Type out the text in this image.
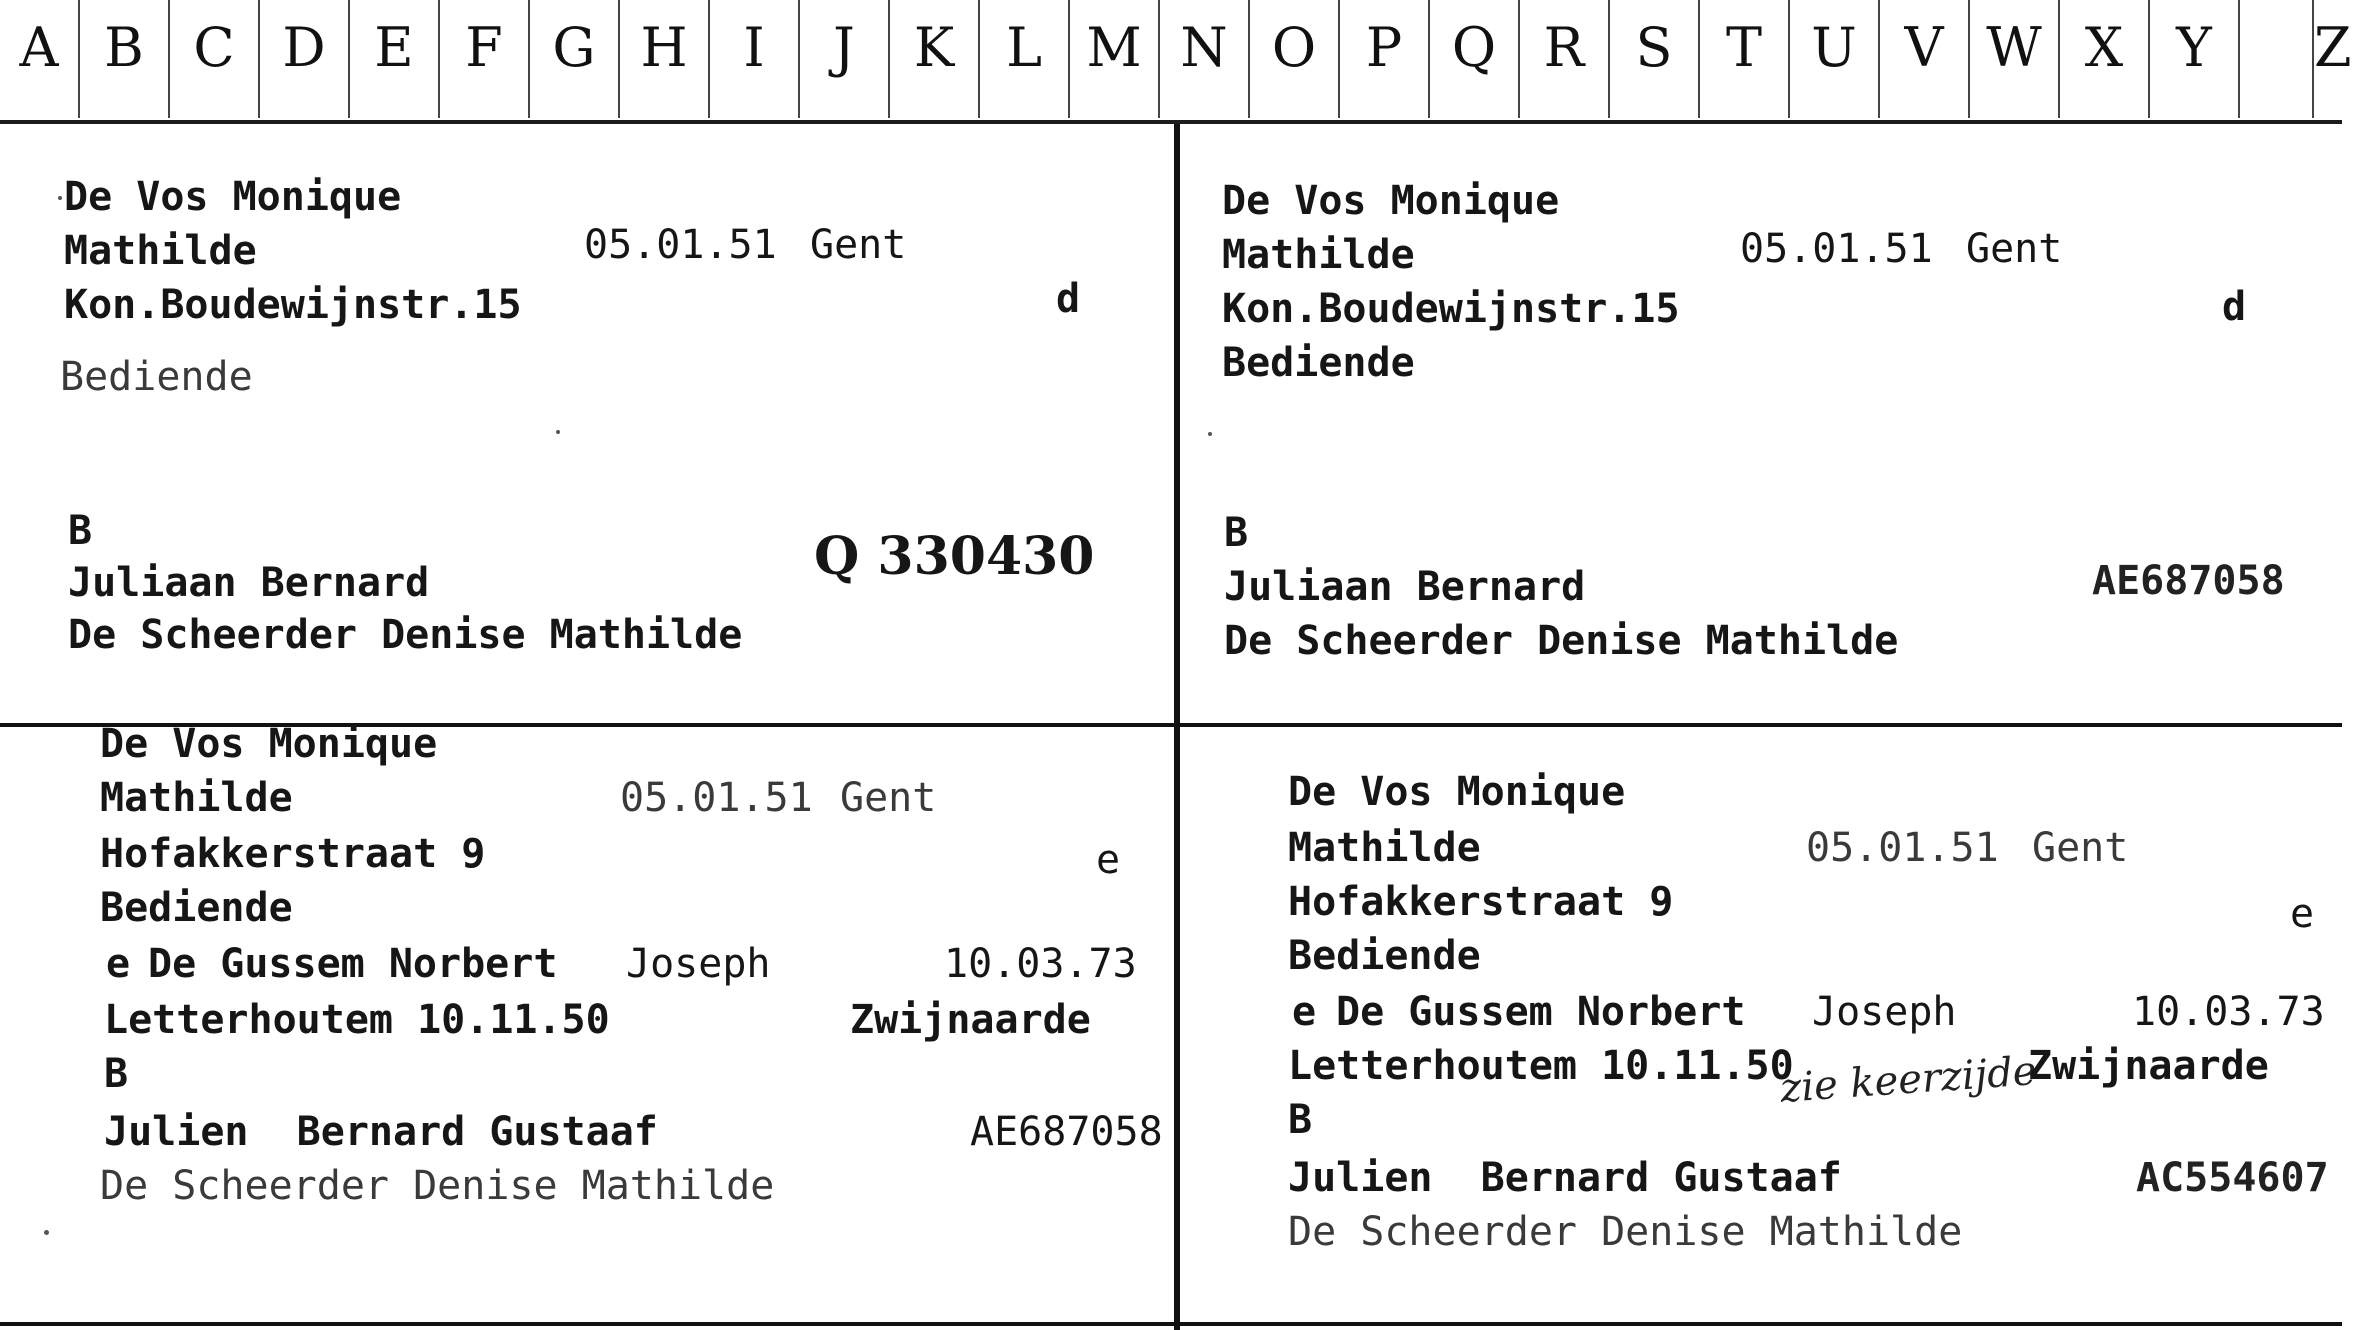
A B C D E F G H	I	J	K L M N O P Q R S T U V W X Y	Z
De Vos Monique
Mathilde	05.01.51 Gent
Kon.Boudewijnstr.15	d
Bediende
B
Juliaan Bernard	Q 330430
De Scheerder Denise Mathilde
De Vos Monique
Mathilde	05.01.51 Gent
Kon.Boudewijnstr.15	d
Bediende
B
Juliaan Bernard	AE687058
De Scheerder Denise Mathilde
De Vos Monique
Mathilde	05.01.51 Gent
Hofakkerstraat 9	e
Bediende
e De Gussem Norbert Joseph	10.03.73
Letterhoutem 10.11.50	Zwijnaarde
B
Julien  Bernard Gustaaf	AE687058
De Scheerder Denise Mathilde
De Vos Monique
Mathilde	05.01.51 Gent
Hofakkerstraat 9	e
Bediende
e De Gussem Norbert Joseph	10.03.73
Letterhoutem 10.11.50
zie keerzijde
Zwijnaarde
B
Julien  Bernard Gustaaf	AC554607
De Scheerder Denise Mathilde
